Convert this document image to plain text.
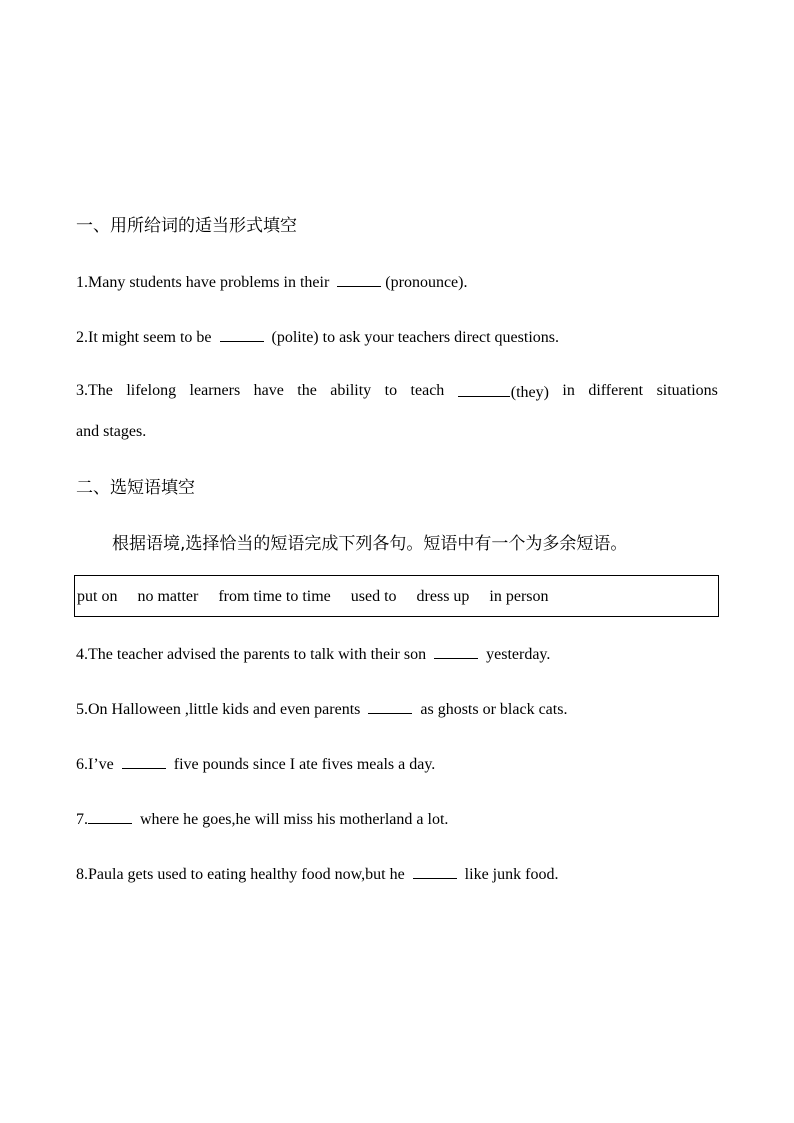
一、用所给词的适当形式填空
1.Many students have problems in their	(pronounce).
2.It might seem to be	(polite) to ask your teachers direct questions.
3.The lifelong learners have the ability to teach	(they) in different situations
and stages.
二、选短语填空
根据语境,选择恰当的短语完成下列各句。短语中有一个为多余短语。
put on no matter from time to time used to dress up in person
4.The teacher advised the parents to talk with their son	yesterday.
5.On Halloween ,little kids and even parents	as ghosts or black cats.
6.I’ve	five pounds since I ate fives meals a day.
7.	where he goes,he will miss his motherland a lot.
8.Paula gets used to eating healthy food now,but he	like junk food.
